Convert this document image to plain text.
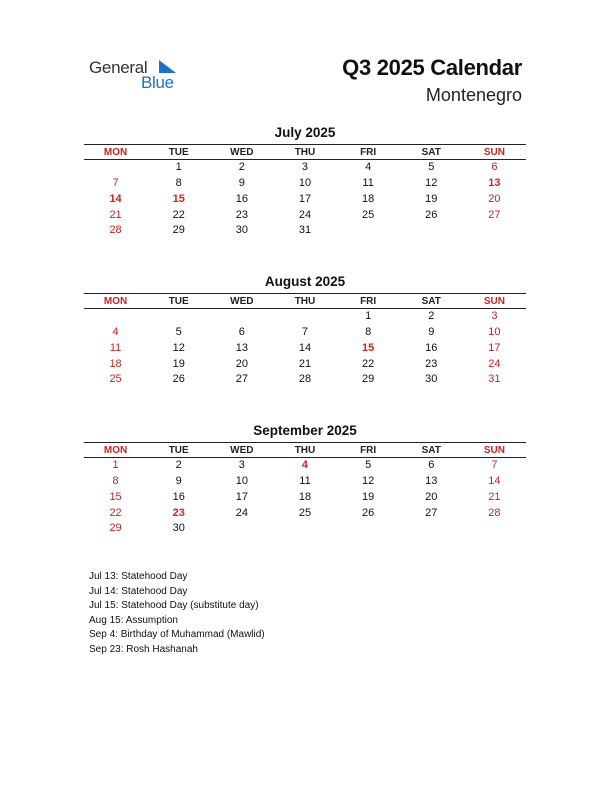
General
Blue
Q3 2025 Calendar
Montenegro
July 2025
MON	TUE	WED	THU	FRI	SAT	SUN
	1	2	3	4	5	6
7	8	9	10	11	12	13
14	15	16	17	18	19	20
21	22	23	24	25	26	27
28	29	30	31			
August 2025
MON	TUE	WED	THU	FRI	SAT	SUN
				1	2	3
4	5	6	7	8	9	10
11	12	13	14	15	16	17
18	19	20	21	22	23	24
25	26	27	28	29	30	31
September 2025
MON	TUE	WED	THU	FRI	SAT	SUN
1	2	3	4	5	6	7
8	9	10	11	12	13	14
15	16	17	18	19	20	21
22	23	24	25	26	27	28
29	30					
Jul 13: Statehood Day
Jul 14: Statehood Day
Jul 15: Statehood Day (substitute day)
Aug 15: Assumption
Sep 4: Birthday of Muhammad (Mawlid)
Sep 23: Rosh Hashanah
